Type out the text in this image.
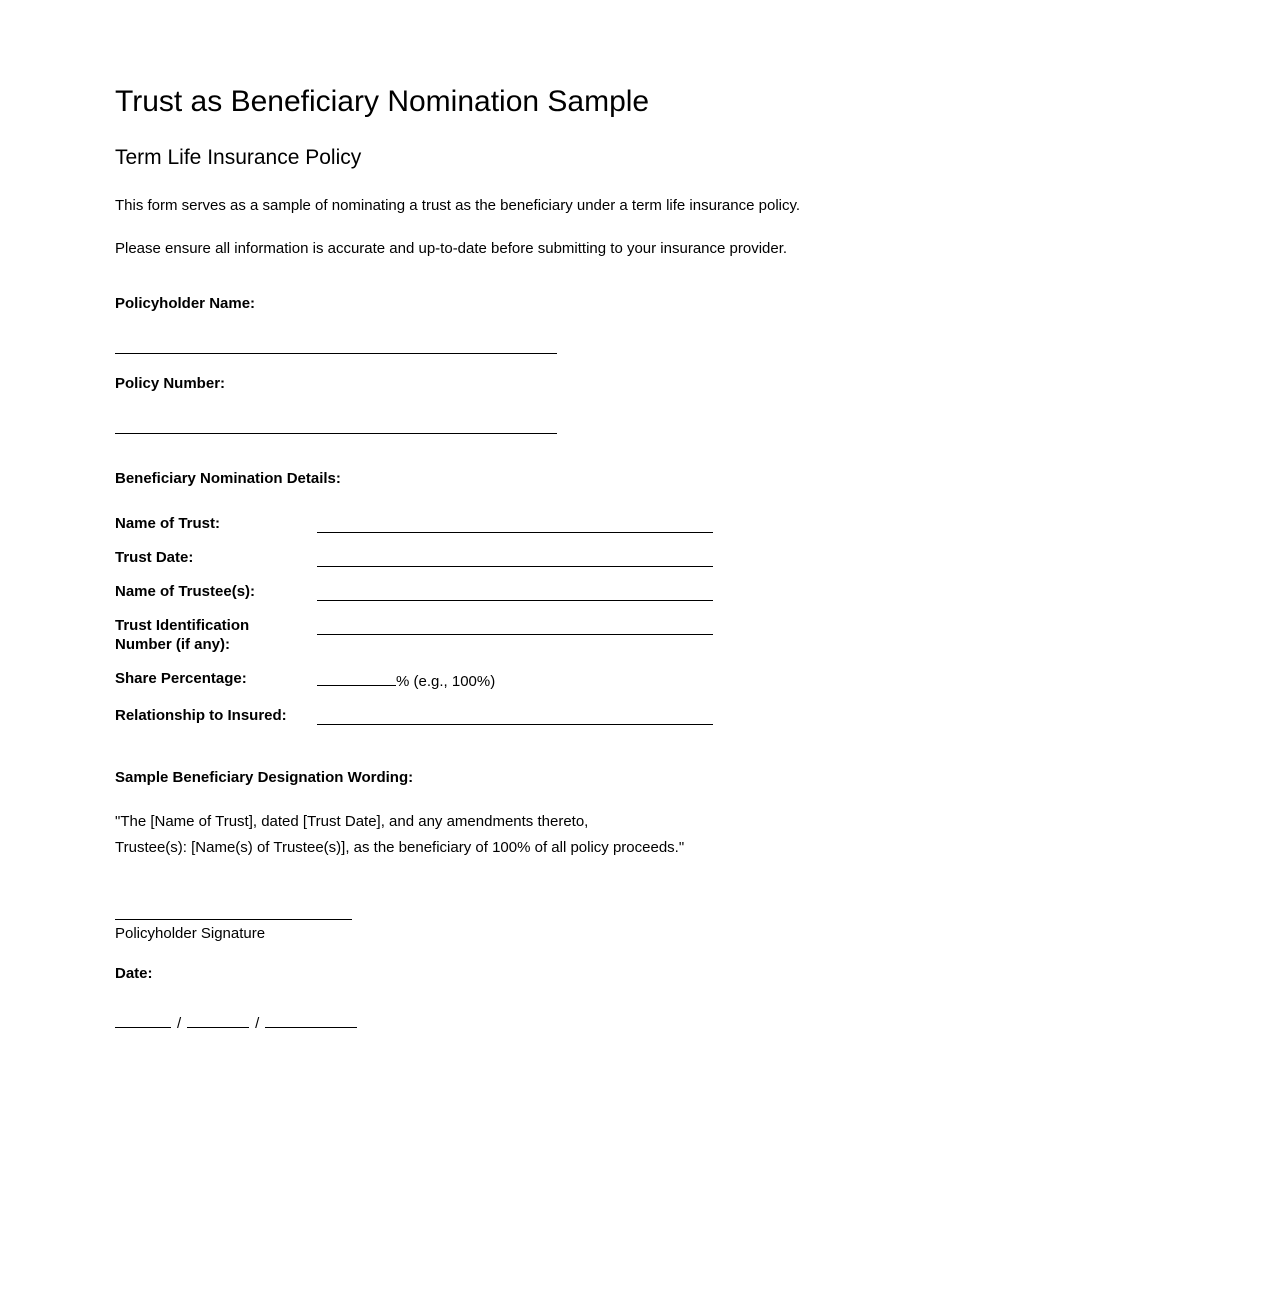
Trust as Beneficiary Nomination Sample
Term Life Insurance Policy

This form serves as a sample of nominating a trust as the beneficiary under a term life insurance policy.

Please ensure all information is accurate and up-to-date before submitting to your insurance provider.

Policyholder Name:

Policy Number:

Beneficiary Nomination Details:

Name of Trust:
Trust Date:
Name of Trustee(s):
Trust Identification Number (if any):
Share Percentage:	% (e.g., 100%)
Relationship to Insured:

Sample Beneficiary Designation Wording:

"The [Name of Trust], dated [Trust Date], and any amendments thereto,
Trustee(s): [Name(s) of Trustee(s)], as the beneficiary of 100% of all policy proceeds."

Policyholder Signature

Date:

/	/
